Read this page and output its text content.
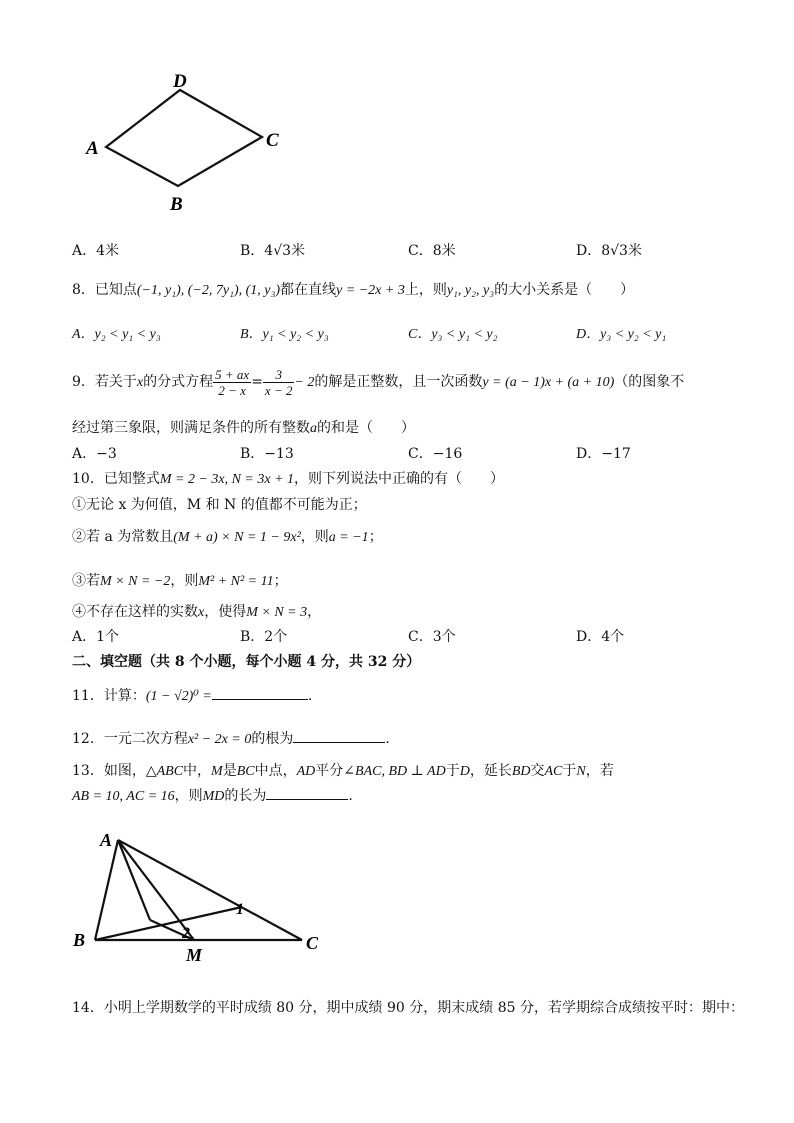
D
A	C
B
A．4米	B．4√3米	C．8米	D．8√3米
8．已知点(−1, y₁), (−2, 7y₁), (1, y₃)都在直线y = −2x + 3上，则y₁, y₂, y₃的大小关系是（　　）
A．y₂ < y₁ < y₃	B．y₁ < y₂ < y₃	C．y₃ < y₁ < y₂	D．y₃ < y₂ < y₁
9．若关于x的分式方程 $\frac{5 + ax}{2 - x} = \frac{3}{x - 2} - 2$的解是正整数，且一次函数y = (a − 1)x + (a + 10)（的图象不
经过第三象限，则满足条件的所有整数a的和是（　　）
A．−3	B．−13	C．−16	D．−17
10．已知整式M = 2 − 3x, N = 3x + 1，则下列说法中正确的有（　　）
①无论 x 为何值，M 和 N 的值都不可能为正；
②若 a 为常数且(M + a) × N = 1 − 9x²，则a = −1；
③若M × N = −2，则M² + N² = 11；
④不存在这样的实数x，使得M × N = 3，
A．1个	B．2个	C．3个	D．4个
二、填空题（共 8 个小题，每个小题 4 分，共 32 分）
11．计算：(1 − √2)⁰ =	.
12．一元二次方程x² − 2x = 0的根为	.
13．如图，△ABC中，M是BC中点，AD平分∠BAC, BD ⊥ AD于D，延长BD交AC于N，若
AB = 10, AC = 16，则MD的长为	.
A
B	C
M
2
1
14．小明上学期数学的平时成绩 80 分，期中成绩 90 分，期末成绩 85 分，若学期综合成绩按平时：期中：
